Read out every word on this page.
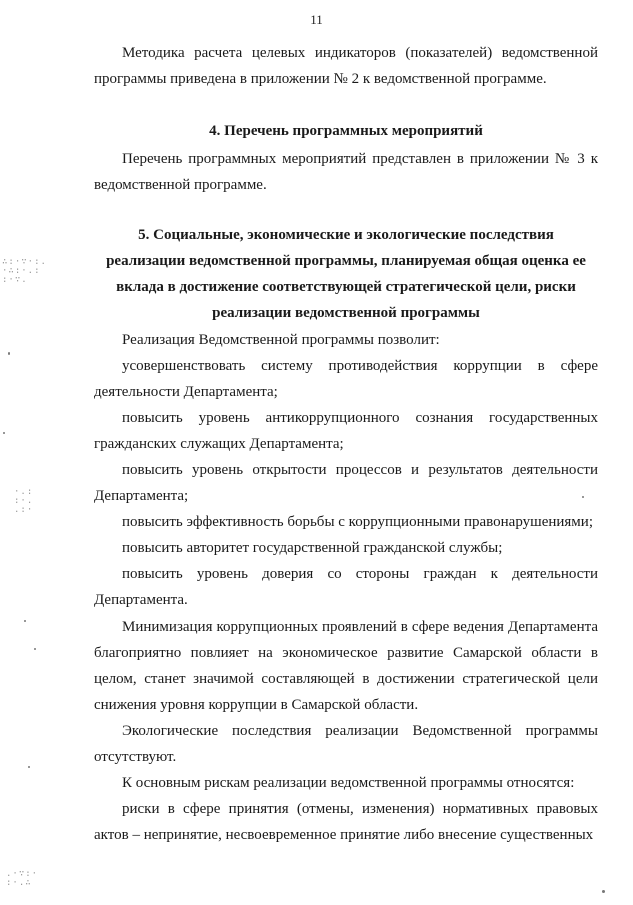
11
Методика расчета целевых индикаторов (показателей) ведомственной программы приведена в приложении № 2 к ведомственной программе.
4. Перечень программных мероприятий
Перечень программных мероприятий представлен в приложении № 3 к ведомственной программе.
5. Социальные, экономические и экологические последствия реализации ведомственной программы, планируемая общая оценка ее вклада в достижение соответствующей стратегической цели, риски реализации ведомственной программы
Реализация Ведомственной программы позволит:
усовершенствовать систему противодействия коррупции в сфере деятельности Департамента;
повысить уровень антикоррупционного сознания государственных гражданских служащих Департамента;
повысить уровень открытости процессов и результатов деятельности Департамента;
повысить эффективность борьбы с коррупционными правонарушениями;
повысить авторитет государственной гражданской службы;
повысить уровень доверия со стороны граждан к деятельности Департамента.
Минимизация коррупционных проявлений в сфере ведения Департамента благоприятно повлияет на экономическое развитие Самарской области в целом, станет значимой составляющей в достижении стратегической цели снижения уровня коррупции в Самарской области.
Экологические последствия реализации Ведомственной программы отсутствуют.
К основным рискам реализации ведомственной программы относятся:
риски в сфере принятия (отмены, изменения) нормативных правовых актов – непринятие, несвоевременное принятие либо внесение существенных
∴:·∵·:.
·∴:·.:
:·∵.
·.:
:·.
.:·
.·∵:·
:·.∴
